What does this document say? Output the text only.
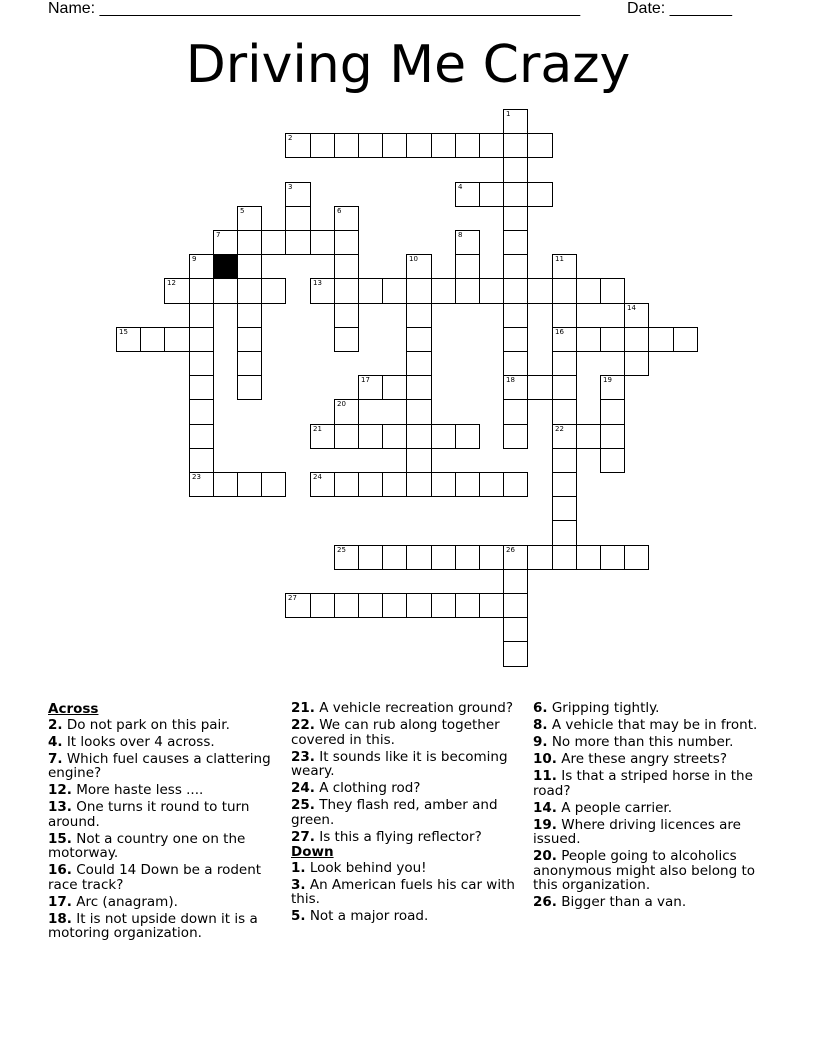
Name: ______________________________________________________	Date: _______
Driving Me Crazy
1
18
2
3	4
5	6
7	8
9	10	11
16
22
12	13
14
15
17	19
20
21
23	24
25	26
27
Across
2. Do not park on this pair.
4. It looks over 4 across.
7. Which fuel causes a clattering engine?
12. More haste less ....
13. One turns it round to turn around.
15. Not a country one on the motorway.
16. Could 14 Down be a rodent race track?
17. Arc (anagram).
18. It is not upside down it is a motoring organization.
21. A vehicle recreation ground?
22. We can rub along together covered in this.
23. It sounds like it is becoming weary.
24. A clothing rod?
25. They flash red, amber and green.
27. Is this a flying reflector?
Down
1. Look behind you!
3. An American fuels his car with this.
5. Not a major road.
6. Gripping tightly.
8. A vehicle that may be in front.
9. No more than this number.
10. Are these angry streets?
11. Is that a striped horse in the road?
14. A people carrier.
19. Where driving licences are issued.
20. People going to alcoholics anonymous might also belong to this organization.
26. Bigger than a van.
